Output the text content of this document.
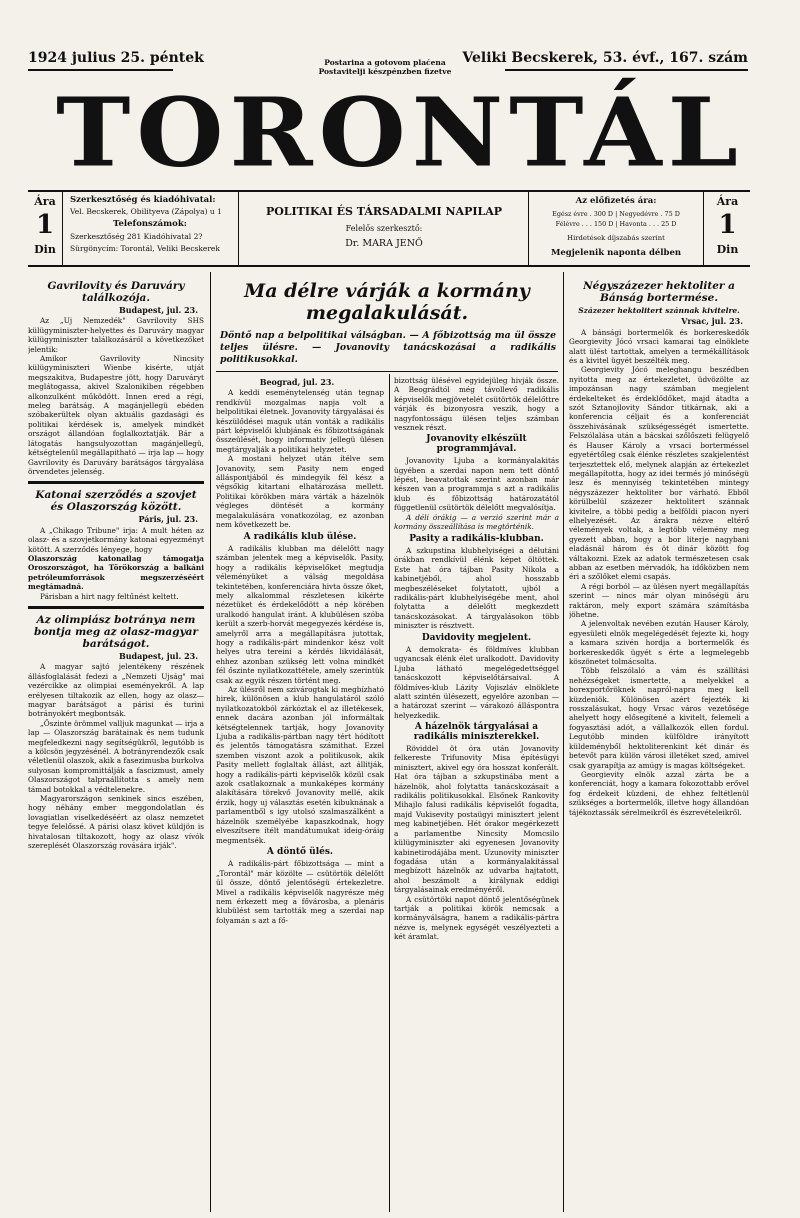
1924 julius 25. péntek	Postarina a gotovom plaćena
Postavitelji készpénzben fizetve
Veliki Becskerek, 53. évf., 167. szám
TORONTÁL
Ára
1
Din
Szerkesztőség és kiadóhivatal:
Vel. Becskerek, Obilityeva (Zápolya) u 1
Telefonszámok:
Szerkesztőség 281 Kiadóhivatal 2?
Sürgönycím: Torontál, Veliki Becskerek
POLITIKAI ÉS TÁRSADALMI NAPILAP
Felelős szerkesztő:
Dr. MARA JENŐ
Az előfizetés ára:
Egész évre . 300 D | Negyedévre . 75 D
Félévre . . . 150 D | Havonta . . . 25 D
Hirdetések díjszabás szerint
Megjelenik naponta délben
Ára
1
Din
Gavrilovity és Daruváry találkozója.
Budapest, jul. 23.

Az „Uj Nemzedék" Gavrilovity SHS külügyminiszter-helyettes és Daruváry magyar külügyminiszter találkozásáról a következőket jelentik:

Amikor Gavrilovity Nincsity külügyminiszteri Wienbe kisérte, utját megszakitva, Budapestre jött, hogy Daruváryt meglátogassa, akivel Szalonikiben régebben alkonzulként működött. Innen ered a régi, meleg barátság. A magánjellegü ebéden szóbakerültek olyan aktuális gazdasági és politikai kérdések is, amelyek mindkét országot állandóan foglalkoztatják. Bár a látogatás hangsulyozottan magánjellegü, kétségtelenül megállapitható — irja lap — hogy Gavrilovity és Daruváry barátságos tárgyalása örvendetes jelenség.

Katonai szerződés a szovjet és Olaszország között.
Páris, jul. 23.

A „Chikago Tribune" irja: A mult héten az olasz- és a szovjetkormány katonai egyezményt kötött. A szerződés lényege, hogy

Olaszország katonailag támogatja Oroszországot, ha Törökország a balkáni petróleumforrások megszerzéséért megtámadná.

Párisban a hirt nagy feltűnést keltett.

Az olimpiász botránya nem bontja meg az olasz-magyar barátságot.
Budapest, jul. 23.

A magyar sajtó jelentékeny részének állásfoglalását fedezi a „Nemzeti Ujság" mai vezércikke az olimpiai eseményekről. A lap erélyesen tiltakozik az ellen, hogy az olasz—magyar barátságot a párisi és turini botrányokért megbontsák.

„Őszinte örömmel valljuk magunkat — irja a lap — Olaszország barátainak és nem tudunk megfeledkezni nagy segítségükről, legutóbb is a kölcsön jegyzésénél. A botrányrendezők csak véletlenül olaszok, akik a fasezimusba burkolva sulyosan kompromittálják a fascizmust, amely Olaszországot talpraállította s amely nem támad botokkal a védtelenekre.

Magyarországon senkinek sincs eszében, hogy néhány ember meggondolatlan és lovagiatlan viselkedéséért az olasz nemzetet tegye felelőssé. A párisi olasz követ küldjön is hivatalosan tiltakozott, hogy az olasz vívók szereplését Olaszország rovására irják".

Ma délre várják a kormány megalakulását.
Döntő nap a belpolitikai válságban. — A főbizottság ma ül össze teljes ülésre. — Jovanovity tanácskozásai a radikális politikusokkal.
Beograd, jul. 23.

A keddi eseménytelenség után tegnap rendkívül mozgalmas napja volt a belpolitikai életnek. Jovanovity tárgyalásai és készülődései maguk után vonták a radikális párt képviselői klubjának és főbizottságának összeülését, hogy informativ jellegü ülésen megtárgyalják a politikai helyzetet.

A mostani helyzet után ítélve sem Jovanovity, sem Pasity nem enged álláspontjából és mindegyik fél kész a végsőkig kitartani elhatározása mellett. Politikai körökben mára várták a házelnök végleges döntését a kormány megalakulására vonatkozólag, ez azonban nem következett be.

A radikális klub ülése.

A radikális klubban ma délelőtt nagy számban jelentek meg a képviselők. Pasity, hogy a radikális képviselőket megtudja véleményüket a válság megoldása tekintetében, konferenciára hivta össze őket, mely alkalommal részletesen kikérte nézetüket és érdekelődött a nép körében uralkodó hangulat iránt. A klubülésen szóba került a szerb-horvát megegyezés kérdése is, amelyről arra a megállapításra jutottak, hogy a radikális-párt mindenkor kész volt helyes utra tereini a kérdés likvidálását, ehhez azonban szükség lett volna mindkét fél őszinte nyilatkozattétele, amely szerintük csak az egyik részen történt meg.

Az ülésről nem szivárogtak ki megbízható hirek, különösen a klub hangulatáról szóló nyilatkozatokból zárkóztak el az illetékesek, ennek dacára azonban jól informáltak kétségtelennek tartják, hogy Jovanovity Ljuba a radikális-pártban nagy tért hódított és jelentős támogatásra számithat. Ezzel szemben viszont azok a politikusok, akik Pasity mellett foglaltak állást, azt állitják, hogy a radikális-párti képviselők közül csak azok csatlakoznak a munkaképes kormány alakítására törekvő Jovanovity mellé, akik érzik, hogy uj választás esetén kibuknának a parlamentből s igy utolsó szalmaszálként a házelnök személyébe kapaszkodnak, hogy elveszítsere ítélt mandátumukat ideig-óráig megmentsék.

A döntő ülés.

A radikális-párt főbizottsága — mint a „Torontál" már közölte — csütörtök délelőtt ül össze, döntő jelentőségü értekezletre. Mivel a radikális képviselők nagyrésze még nem érkezett meg a fővárosba, a plenáris klubülést sem tartották meg a szerdai nap folyamán s azt a fő-

bizottság ülésével egyidejüleg hivják össze. A Beográdtól még távollevő radikális képviselők megjövetelét csütörtök délelőttre várják és bizonyosra veszik, hogy a nagyfontosságu ülésen teljes számban vesznek részt.

Jovanovity elkészült programmjával.

Jovanovity Ljuba a kormányalakitás ügyében a szerdai napon nem tett döntő lépést, beavatottak szerint azonban már készen van a programmja s azt a radikális klub és főbizottság határozatától függetlenül csütörtök délelőtt megvalósítja.

A déli órákig — a verzió szerint már a kormány összeállítása is megtörténik.

Pasity a radikális-klubban.

A szkupstina klubhelyiségei a délutáni órákban rendkívül élénk képet öltöttek. Este hat óra tájban Pasity Nikola a kabinetjéből, ahol hosszabb megbeszéléseket folytatott, ujból a radikális-párt klubhelyiségébe ment, ahol folytatta a délelőtt megkezdett tanácskozásokat. A tárgyalásokon több miniszter is résztvett.

Davidovity megjelent.

A demokrata- és földmíves klubban ugyancsak élénk élet uralkodott. Davidovity Ljuba látható megelégedettséggel tanácskozott képviselőtársaival. A földmíves-klub Lázity Vojiszláv elnöklete alatt szintén ülésezett, egyelőre azonban — a határozat szerint — várakozó álláspontra helyezkedik.

A házelnök tárgyalásai a radikális miniszterekkel.

Röviddel öt óra után Jovanovity felkereste Trifunovity Misa építésügyi minisztert, akivel egy óra hosszat konferált. Hat óra tájban a szkupstinába ment a házelnök, ahol folytatta tanácskozásait a radikális politikusokkal. Elsőnek Rankovity Mihajlo falusi radikális képviselőt fogadta, majd Vukisevity postaügyi minisztert jelent meg kabinetjében. Hét órakor megérkezett a parlamentbe Nincsity Momcsilo külügyminiszter aki egyenesen Jovanovity kabinetirodájába ment. Uzunovity miniszter fogadása után a kormányalakitással megbízott házelnök az udvarba hajtatott, ahol beszámolt a királynak eddigi tárgyalásainak eredményéről.

A csütörtöki napot döntő jelentőségünek tartják a politikai körök nemcsak a kormányválságra, hanem a radikális-pártra nézve is, melynek egységét veszélyezteti a két áramlat.

Négyszázezer hektoliter a Bánság bortermése.
Százezer hektolitert szánnak kivitelre.
Vrsac, jul. 23.

A bánsági bortermelők és borkereskedők Georgievity Jócó vrsaci kamarai tag elnöklete alatt ülést tartottak, amelyen a termékállítások és a kivitel ügyét beszélték meg.

Georgievity Jócó meleghangu beszédben nyitotta meg az értekezletet, üdvözölte az impozánsan nagy számban megjelent érdekelteket és érdeklődőket, majd átadta a szót Sztanojlovity Sándor titkárnak, aki a konferencia céljait és a konferenciát összehivásának szükségességét ismertette. Felszólalása után a bácskai szőlőszeti felügyelő és Hauser Károly a vrsaci borterméssel egyetértőleg csak élénke részletes szakjelentést terjesztettek elő, melynek alapján az értekezlet megállapította, hogy az idei termés jó minőségü lesz és mennyiség tekintetében mintegy négyszázezer hektoliter bor várható. Ebből körülbelül százezer hektolitert szánnak kivitelre, a többi pedig a belföldi piacon nyeri elhelyezését. Az árakra nézve eltérő vélemények voltak, a legtöbb vélemény meg gyezett abban, hogy a bor literje nagybani eladásnál három és öt dinár között fog váltakozni. Ezek az adatok természetesen csak abban az esetben mérvadók, ha időközben nem éri a szőlőket elemi csapás.

A régi borból — az ülésen nyert megállapítás szerint — nincs már olyan minőségü áru raktáron, mely export számára számításba jöhetne.

A jelenvoltak nevében ezután Hauser Károly, egyesületi elnök megelégedését fejezte ki, hogy a kamara szivén hordja a bortermelők és borkereskedők ügyét s érte a legmelegebb köszönetet tolmácsolta.

Több felszólaló a vám és szállítási nehézségeket ismertette, a melyekkel a borexportőröknek napról-napra meg kell küzdeniök. Különösen azért fejezték ki rosszalásukat, hogy Vrsac város vezetősége ahelyett hogy elősegítené a kivitelt, felemeli a fogyasztási adót, a vállalkozók ellen fordul. Legutóbb minden külföldre irányított küldeményből hektoliterenkint két dinár és betevőt para külön városi illetéket szed, amivel csak gyarapítja az amúgy is magas költségeket.

Georgievity elnök azzal zárta be a konferenciát, hogy a kamara fokozottabb erővel fog érdekeit küzdeni, de ehhez feltétlenül szükséges a bortermelők, illetve hogy állandóan tájékoztassák sérelmeikről és észrevételeikről.
